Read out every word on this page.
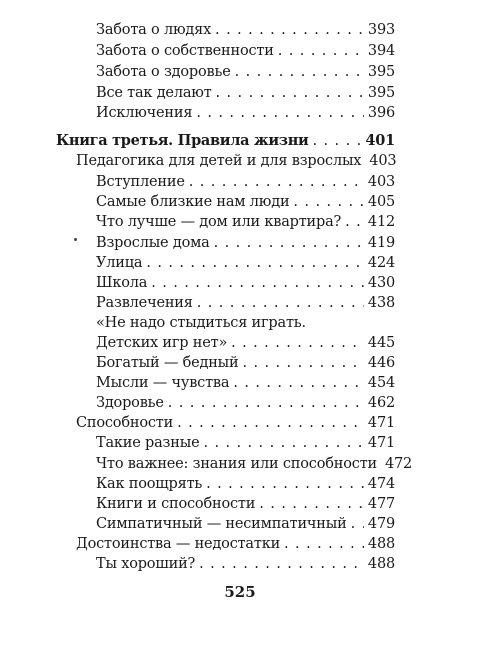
Забота о людях . . .	393
Забота о собственности . . .	394
Забота о здоровье . . .	395
Все так делают . . .	395
Исключения . . .	396
Книга третья. Правила жизни . . .	401
Педагогика для детей и для взрослых 403
Вступление . . .	403
Самые близкие нам люди . . .	405
Что лучше — дом или квартира? . . . 412
Взрослые дома . . .	419
Улица . . .	424
Школа . . .	430
Развлечения . . .	438
«Не надо стыдиться играть.
Детских игр нет» . . .	445
Богатый — бедный . . .	446
Мысли — чувства . . .	454
Здоровье . . .	462
Способности . . .	471
Такие разные . . .	471
Что важнее: знания или способности 472
Как поощрять . . .	474
Книги и способности . . .	477
Симпатичный — несимпатичный . . . 479
Достоинства — недостатки . . .	488
Ты хороший? . . .	488
525
